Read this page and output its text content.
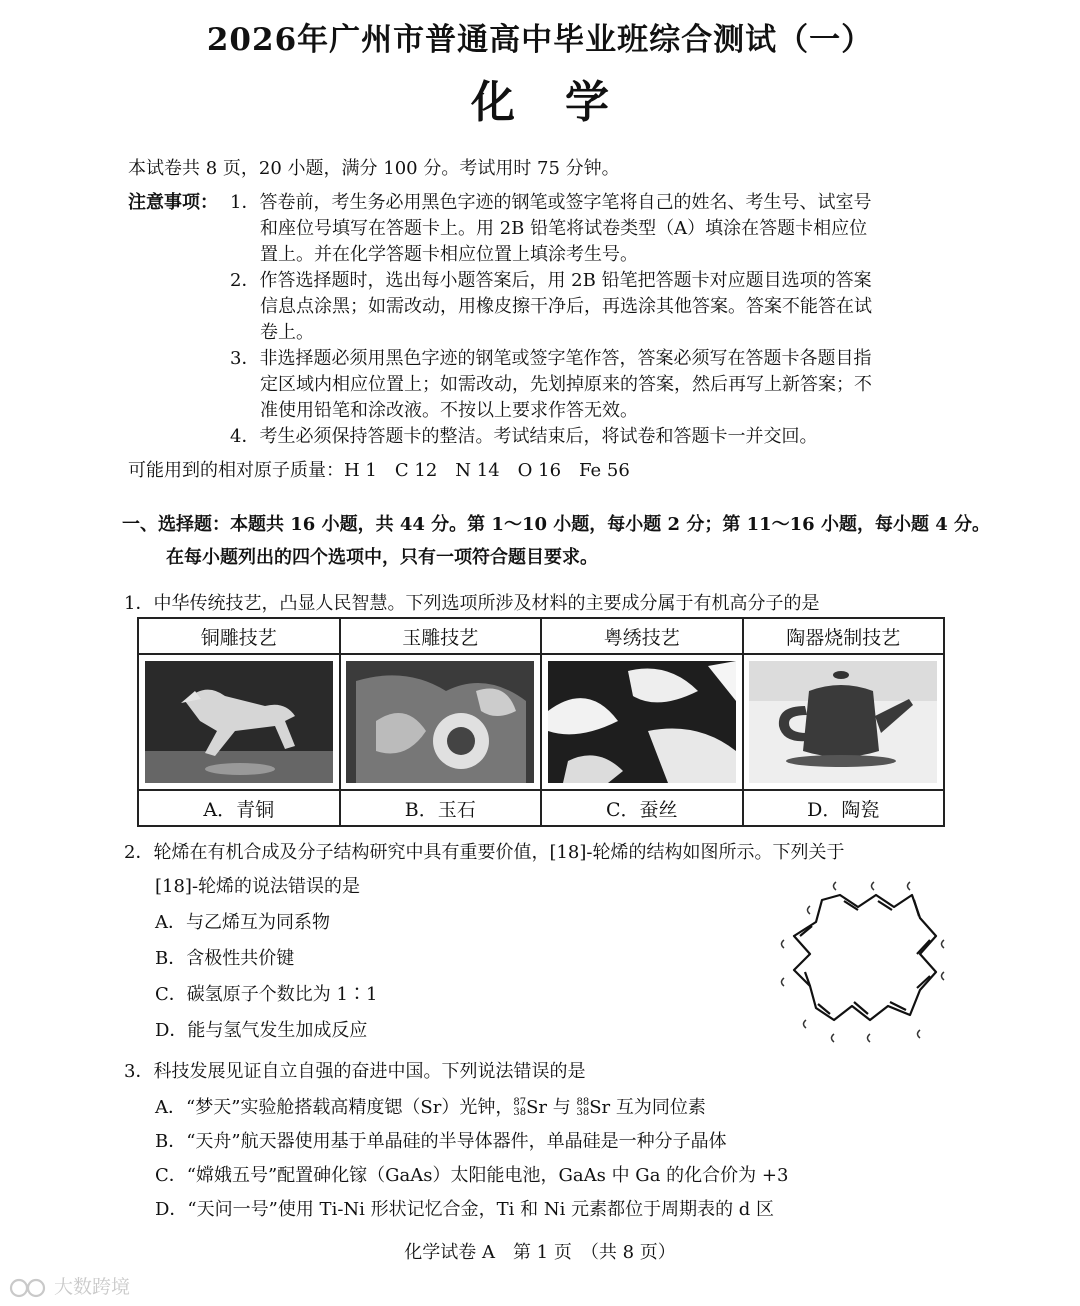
2026年广州市普通高中毕业班综合测试（一）
化学
本试卷共 8 页，20 小题，满分 100 分。考试用时 75 分钟。
注意事项： 1．答卷前，考生务必用黑色字迹的钢笔或签字笔将自己的姓名、考生号、试室号
和座位号填写在答题卡上。用 2B 铅笔将试卷类型（A）填涂在答题卡相应位
置上。并在化学答题卡相应位置上填涂考生号。
2．作答选择题时，选出每小题答案后，用 2B 铅笔把答题卡对应题目选项的答案
信息点涂黑；如需改动，用橡皮擦干净后，再选涂其他答案。答案不能答在试
卷上。
3．非选择题必须用黑色字迹的钢笔或签字笔作答，答案必须写在答题卡各题目指
定区域内相应位置上；如需改动，先划掉原来的答案，然后再写上新答案；不
准使用铅笔和涂改液。不按以上要求作答无效。
4．考生必须保持答题卡的整洁。考试结束后，将试卷和答题卡一并交回。
可能用到的相对原子质量：H 1　C 12　N 14　O 16　Fe 56
一、选择题：本题共 16 小题，共 44 分。第 1～10 小题，每小题 2 分；第 11～16 小题，每小题 4 分。
在每小题列出的四个选项中，只有一项符合题目要求。
1．中华传统技艺，凸显人民智慧。下列选项所涉及材料的主要成分属于有机高分子的是
铜雕技艺	玉雕技艺	粤绣技艺	陶器烧制技艺

A．青铜	B．玉石	C．蚕丝	D．陶瓷
2．轮烯在有机合成及分子结构研究中具有重要价值，[18]-轮烯的结构如图所示。下列关于
[18]-轮烯的说法错误的是
A．与乙烯互为同系物
B．含极性共价键
C．碳氢原子个数比为 1∶1
D．能与氢气发生加成反应
3．科技发展见证自立自强的奋进中国。下列说法错误的是
A．“梦天”实验舱搭载高精度锶（Sr）光钟， 87
38 Sr 与 88
38 Sr 互为同位素
B．“天舟”航天器使用基于单晶硅的半导体器件，单晶硅是一种分子晶体
C．“嫦娥五号”配置砷化镓（GaAs）太阳能电池，GaAs 中 Ga 的化合价为 +3
D．“天问一号”使用 Ti-Ni 形状记忆合金，Ti 和 Ni 元素都位于周期表的 d 区
化学试卷 A　第 1 页　（共 8 页）
大数跨境
